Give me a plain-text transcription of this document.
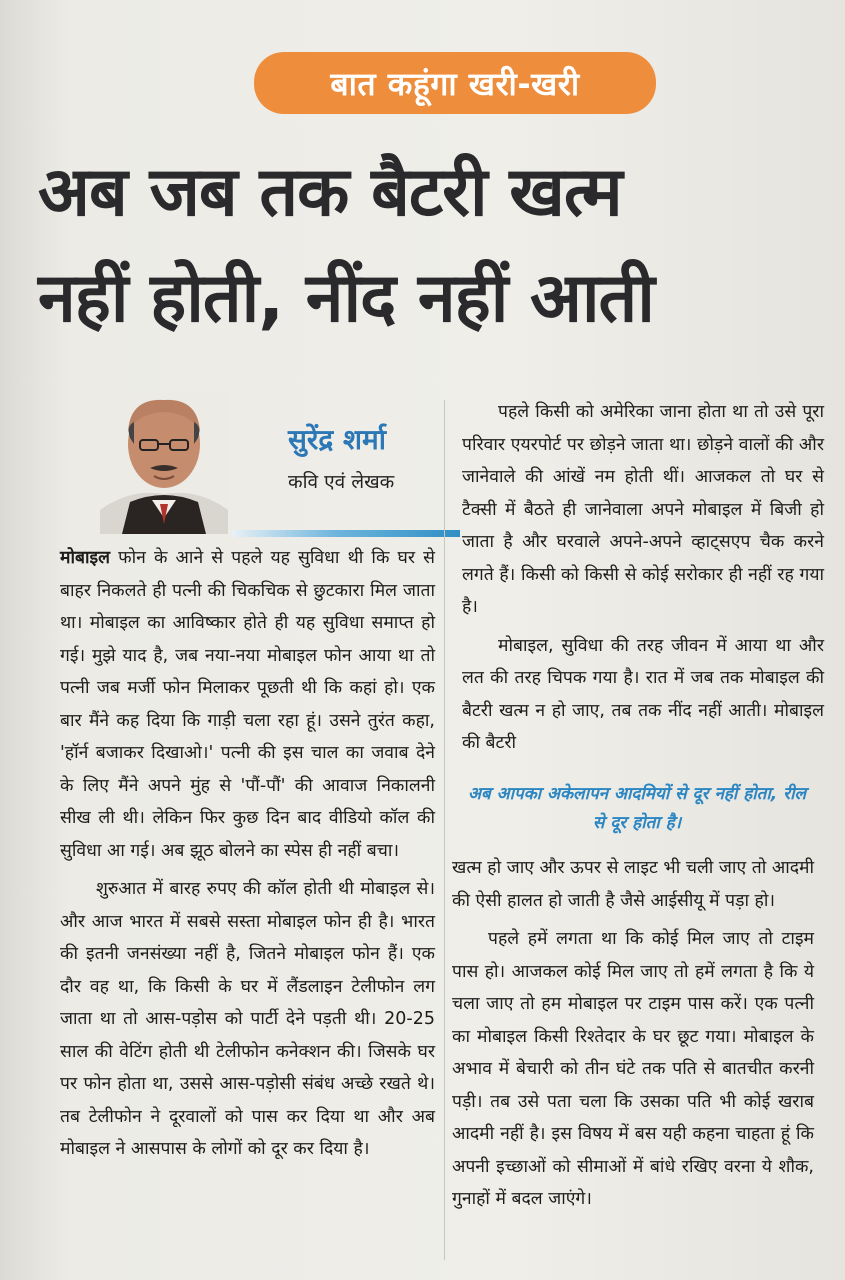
बात कहूंगा खरी-खरी
अब जब तक बैटरी खत्म
नहीं होती, नींद नहीं आती
सुरेंद्र शर्मा
कवि एवं लेखक

मोबाइल फोन के आने से पहले यह सुविधा थी कि घर से बाहर निकलते ही पत्नी की चिकचिक से छुटकारा मिल जाता था। मोबाइल का आविष्कार होते ही यह सुविधा समाप्त हो गई। मुझे याद है, जब नया-नया मोबाइल फोन आया था तो पत्नी जब मर्जी फोन मिलाकर पूछती थी कि कहां हो। एक बार मैंने कह दिया कि गाड़ी चला रहा हूं। उसने तुरंत कहा, 'हॉर्न बजाकर दिखाओ।' पत्नी की इस चाल का जवाब देने के लिए मैंने अपने मुंह से 'पौं-पौं' की आवाज निकालनी सीख ली थी। लेकिन फिर कुछ दिन बाद वीडियो कॉल की सुविधा आ गई। अब झूठ बोलने का स्पेस ही नहीं बचा।

शुरुआत में बारह रुपए की कॉल होती थी मोबाइल से। और आज भारत में सबसे सस्ता मोबाइल फोन ही है। भारत की इतनी जनसंख्या नहीं है, जितने मोबाइल फोन हैं। एक दौर वह था, कि किसी के घर में लैंडलाइन टेलीफोन लग जाता था तो आस-पड़ोस को पार्टी देने पड़ती थी। 20-25 साल की वेटिंग होती थी टेलीफोन कनेक्शन की। जिसके घर पर फोन होता था, उससे आस-पड़ोसी संबंध अच्छे रखते थे। तब टेलीफोन ने दूरवालों को पास कर दिया था और अब मोबाइल ने आसपास के लोगों को दूर कर दिया है।

पहले किसी को अमेरिका जाना होता था तो उसे पूरा परिवार एयरपोर्ट पर छोड़ने जाता था। छोड़ने वालों की और जानेवाले की आंखें नम होती थीं। आजकल तो घर से टैक्सी में बैठते ही जानेवाला अपने मोबाइल में बिजी हो जाता है और घरवाले अपने-अपने व्हाट्सएप चैक करने लगते हैं। किसी को किसी से कोई सरोकार ही नहीं रह गया है।

मोबाइल, सुविधा की तरह जीवन में आया था और लत की तरह चिपक गया है। रात में जब तक मोबाइल की बैटरी खत्म न हो जाए, तब तक नींद नहीं आती। मोबाइल की बैटरी

अब आपका अकेलापन आदमियों से दूर नहीं होता, रील से दूर होता है।

खत्म हो जाए और ऊपर से लाइट भी चली जाए तो आदमी की ऐसी हालत हो जाती है जैसे आईसीयू में पड़ा हो।

पहले हमें लगता था कि कोई मिल जाए तो टाइम पास हो। आजकल कोई मिल जाए तो हमें लगता है कि ये चला जाए तो हम मोबाइल पर टाइम पास करें। एक पत्नी का मोबाइल किसी रिश्तेदार के घर छूट गया। मोबाइल के अभाव में बेचारी को तीन घंटे तक पति से बातचीत करनी पड़ी। तब उसे पता चला कि उसका पति भी कोई खराब आदमी नहीं है। इस विषय में बस यही कहना चाहता हूं कि अपनी इच्छाओं को सीमाओं में बांधे रखिए वरना ये शौक, गुनाहों में बदल जाएंगे।
